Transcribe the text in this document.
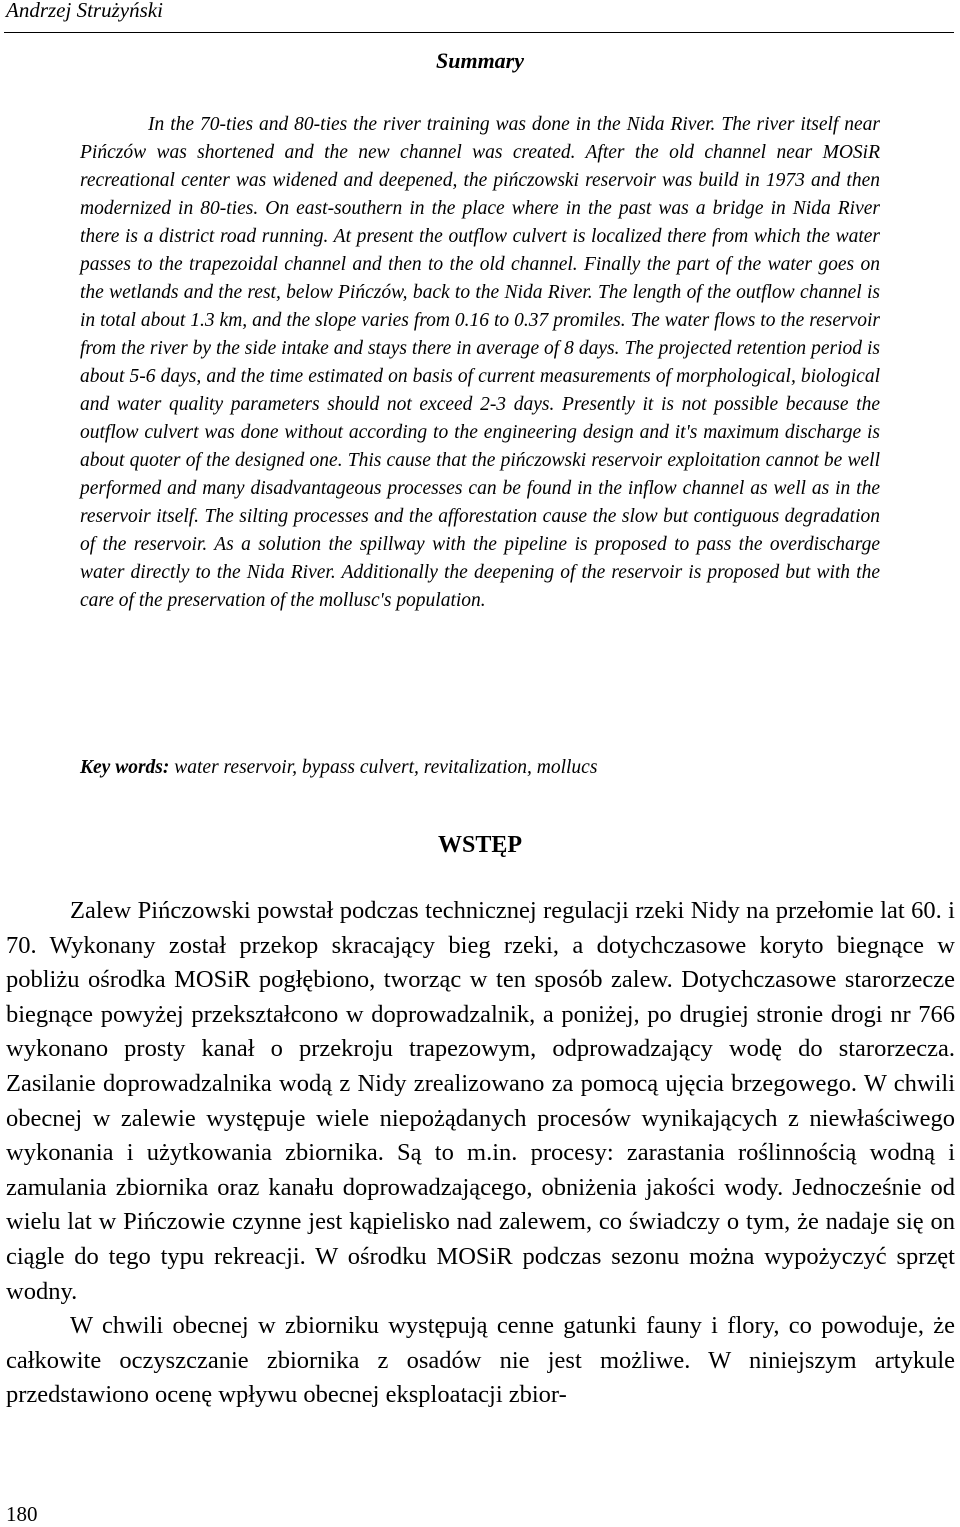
Andrzej Strużyński
Summary

In the 70-ties and 80-ties the river training was done in the Nida River. The river itself near Pińczów was shortened and the new channel was created. After the old channel near MOSiR recreational center was widened and deepened, the pińczowski reservoir was build in 1973 and then modernized in 80-ties. On east-southern in the place where in the past was a bridge in Nida River there is a district road running. At present the outflow culvert is localized there from which the water passes to the trapezoidal channel and then to the old channel. Finally the part of the water goes on the wetlands and the rest, below Pińczów, back to the Nida River. The length of the outflow channel is in total about 1.3 km, and the slope varies from 0.16 to 0.37 promiles. The water flows to the reservoir from the river by the side intake and stays there in average of 8 days. The projected retention period is about 5-6 days, and the time estimated on basis of current measurements of morphological, biological and water quality parameters should not exceed 2-3 days. Presently it is not possible because the outflow culvert was done without according to the engineering design and it's maximum discharge is about quoter of the designed one. This cause that the pińczowski reservoir exploitation cannot be well performed and many disadvantageous processes can be found in the inflow channel as well as in the reservoir itself. The silting processes and the afforestation cause the slow but contiguous degradation of the reservoir. As a solution the spillway with the pipeline is proposed to pass the overdischarge water directly to the Nida River. Additionally the deepening of the reservoir is proposed but with the care of the preservation of the mollusc's population.

Key words: water reservoir, bypass culvert, revitalization, mollucs

WSTĘP

Zalew Pińczowski powstał podczas technicznej regulacji rzeki Nidy na przełomie lat 60. i 70. Wykonany został przekop skracający bieg rzeki, a dotychczasowe koryto biegnące w pobliżu ośrodka MOSiR pogłębiono, tworząc w ten sposób zalew. Dotychczasowe starorzecze biegnące powyżej przekształcono w doprowadzalnik, a poniżej, po drugiej stronie drogi nr 766 wykonano prosty kanał o przekroju trapezowym, odprowadzający wodę do starorzecza. Zasilanie doprowadzalnika wodą z Nidy zrealizowano za pomocą ujęcia brzegowego. W chwili obecnej w zalewie występuje wiele niepożądanych procesów wynikających z niewłaściwego wykonania i użytkowania zbiornika. Są to m.in. procesy: zarastania roślinnością wodną i zamulania zbiornika oraz kanału doprowadzającego, obniżenia jakości wody. Jednocześnie od wielu lat w Pińczowie czynne jest kąpielisko nad zalewem, co świadczy o tym, że nadaje się on ciągle do tego typu rekreacji. W ośrodku MOSiR podczas sezonu można wypożyczyć sprzęt wodny.

W chwili obecnej w zbiorniku występują cenne gatunki fauny i flory, co powoduje, że całkowite oczyszczanie zbiornika z osadów nie jest możliwe. W niniejszym artykule przedstawiono ocenę wpływu obecnej eksploatacji zbior-

180
